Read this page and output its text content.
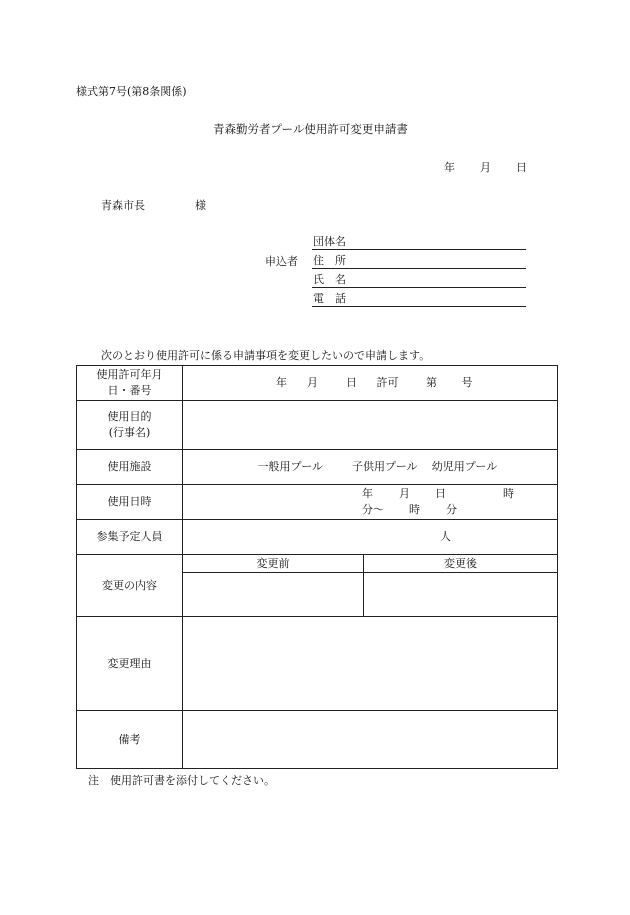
様式第7号(第8条関係)
青森勤労者プール使用許可変更申請書
年 月 日
青森市長	様
申込者
団体名
住　所
氏　名
電　話
次のとおり使用許可に係る申請事項を変更したいので申請します。
使用許可年月
日・番号	年 月 日 許可 第 号	
使用目的
(行事名)		
使用施設	一般用プール 子供用プール 幼児用プール	
使用日時	年 月 日 時分〜 時 分	
参集予定人員	人	
変更の内容	変更前	変更後

変更理由		
備考		
注　使用許可書を添付してください。
